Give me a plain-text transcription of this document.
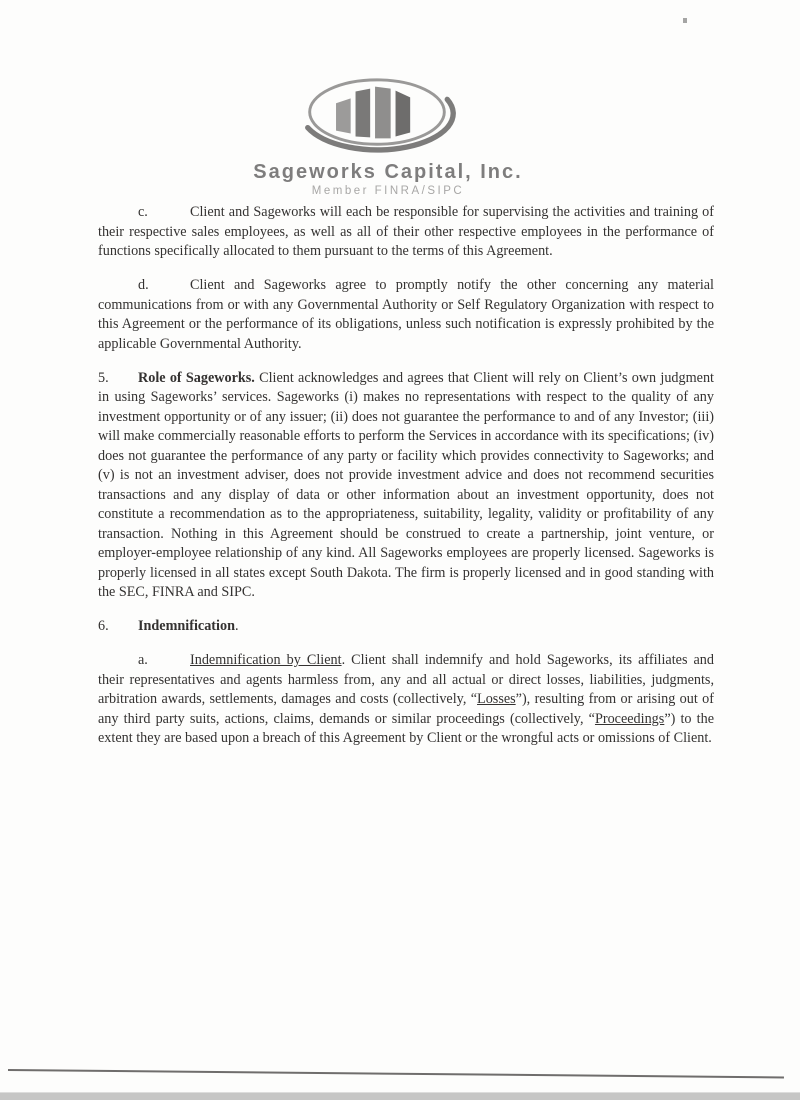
Sageworks Capital, Inc.
Member FINRA/SIPC

c.	Client and Sageworks will each be responsible for supervising the activities and training of their respective sales employees, as well as all of their other respective employees in the performance of functions specifically allocated to them pursuant to the terms of this Agreement.

d.	Client and Sageworks agree to promptly notify the other concerning any material communications from or with any Governmental Authority or Self Regulatory Organization with respect to this Agreement or the performance of its obligations, unless such notification is expressly prohibited by the applicable Governmental Authority.

5. Role of Sageworks. Client acknowledges and agrees that Client will rely on Client’s own judgment in using Sageworks’ services. Sageworks (i) makes no representations with respect to the quality of any investment opportunity or of any issuer; (ii) does not guarantee the performance to and of any Investor; (iii) will make commercially reasonable efforts to perform the Services in accordance with its specifications; (iv) does not guarantee the performance of any party or facility which provides connectivity to Sageworks; and (v) is not an investment adviser, does not provide investment advice and does not recommend securities transactions and any display of data or other information about an investment opportunity, does not constitute a recommendation as to the appropriateness, suitability, legality, validity or profitability of any transaction. Nothing in this Agreement should be construed to create a partnership, joint venture, or employer-employee relationship of any kind. All Sageworks employees are properly licensed. Sageworks is properly licensed in all states except South Dakota. The firm is properly licensed and in good standing with the SEC, FINRA and SIPC.

6. Indemnification.

a.	Indemnification by Client. Client shall indemnify and hold Sageworks, its affiliates and their representatives and agents harmless from, any and all actual or direct losses, liabilities, judgments, arbitration awards, settlements, damages and costs (collectively, “Losses”), resulting from or arising out of any third party suits, actions, claims, demands or similar proceedings (collectively, “Proceedings”) to the extent they are based upon a breach of this Agreement by Client or the wrongful acts or omissions of Client.
